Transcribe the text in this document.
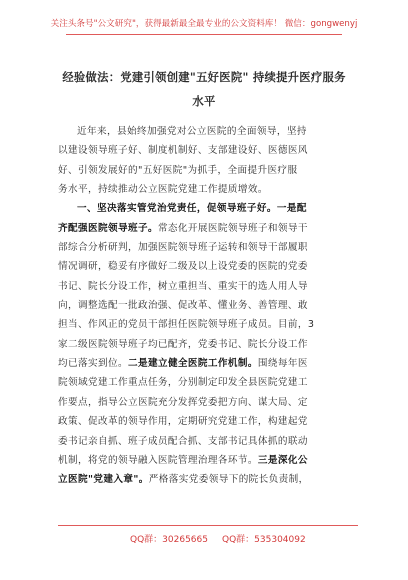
关注头条号"公文研究"，获得最新最全最专业的公文资料库！ 微信：gongwenyj
经验做法：党建引领创建"五好医院" 持续提升医疗服务
水平
近年来，县始终加强党对公立医院的全面领导，坚持
以建设领导班子好、制度机制好、支部建设好、医德医风
好、引领发展好的"五好医院"为抓手，全面提升医疗服
务水平，持续推动公立医院党建工作提质增效。
一、坚决落实管党治党责任，促领导班子好。一是配
齐配强医院领导班子。常态化开展医院领导班子和领导干
部综合分析研判，加强医院领导班子运转和领导干部履职
情况调研，稳妥有序做好二级及以上设党委的医院的党委
书记、院长分设工作，树立重担当、重实干的选人用人导
向，调整选配一批政治强、促改革、懂业务、善管理、敢
担当、作风正的党员干部担任医院领导班子成员。目前，3
家二级医院领导班子均已配齐，党委书记、院长分设工作
均已落实到位。二是建立健全医院工作机制。围绕每年医
院领域党建工作重点任务，分别制定印发全县医院党建工
作要点，指导公立医院充分发挥党委把方向、谋大局、定
政策、促改革的领导作用，定期研究党建工作，构建起党
委书记亲自抓、班子成员配合抓、支部书记具体抓的联动
机制，将党的领导融入医院管理治理各环节。三是深化公
立医院"党建入章"。严格落实党委领导下的院长负责制，
QQ群：30265665 QQ群：535304092
